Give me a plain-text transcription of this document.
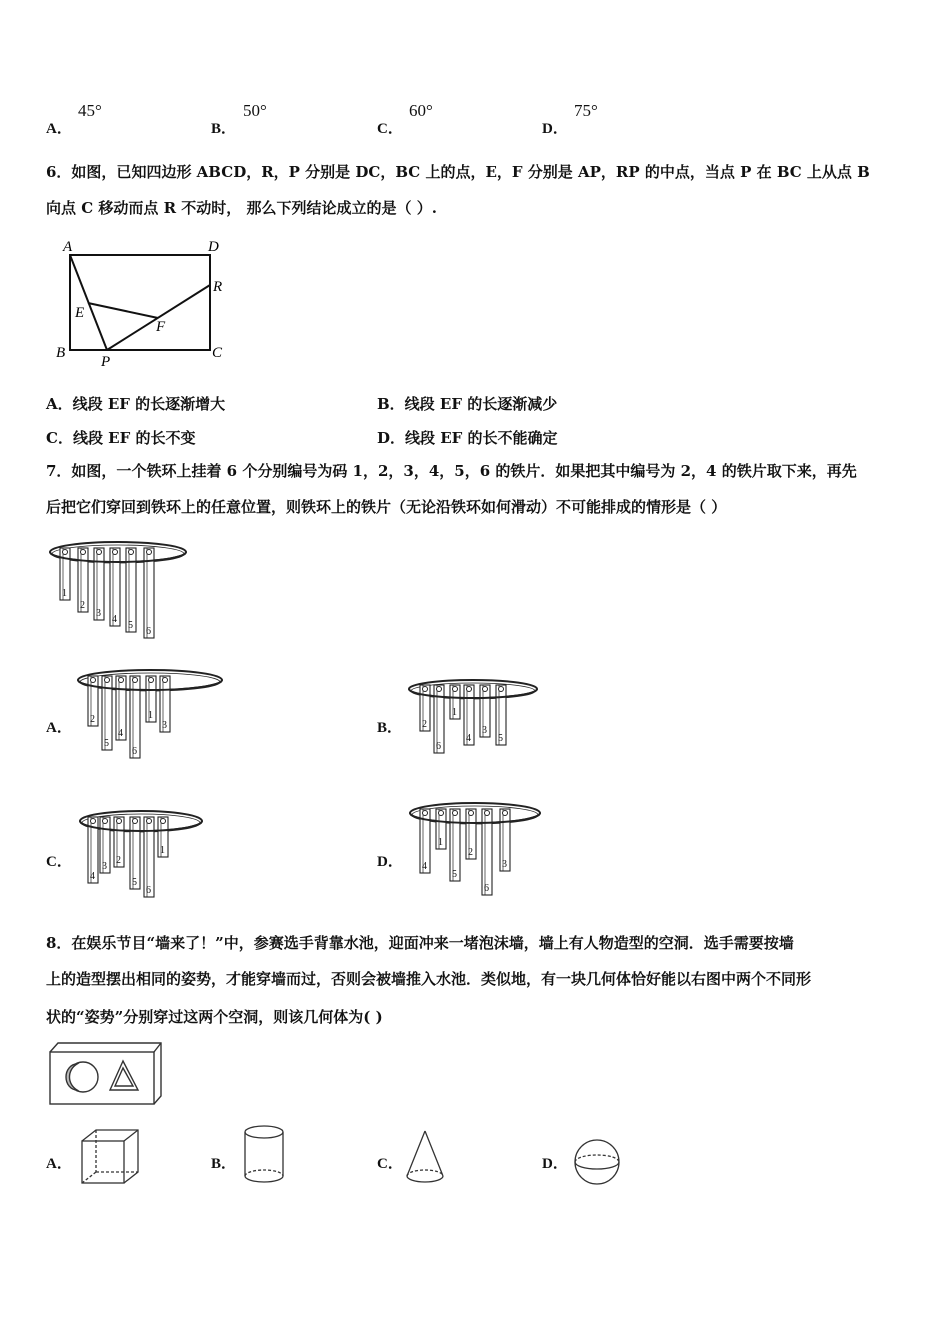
A．
45°
B．
50°
C．
60°
D．
75°
6．如图，已知四边形 ABCD，R，P 分别是 DC，BC 上的点，E，F 分别是 AP，RP 的中点，当点 P 在 BC 上从点 B
向点 C 移动而点 R 不动时， 那么下列结论成立的是（ ）.
A	D
R
E
F
B
P
C
A．线段 EF 的长逐渐增大	B．线段 EF 的长逐渐减少
C．线段 EF 的长不变	D．线段 EF 的长不能确定
7．如图，一个铁环上挂着 6 个分别编号为码 1，2，3，4，5，6 的铁片．如果把其中编号为 2，4 的铁片取下来，再先
后把它们穿回到铁环上的任意位置，则铁环上的铁片（无论沿铁环如何滑动）不可能排成的情形是（ ）
1
2
3
4
5
6
A．
2
5
4
6
1
3	B． 2
6
1
4
3
5
C．
4
3
2
5
6
1
D． 4
1
5
2
6
3
8．在娱乐节目“墙来了！”中，参赛选手背靠水池，迎面冲来一堵泡沫墙，墙上有人物造型的空洞．选手需要按墙
上的造型摆出相同的姿势，才能穿墙而过，否则会被墙推入水池．类似地，有一块几何体恰好能以右图中两个不同形
状的“姿势”分别穿过这两个空洞，则该几何体为( )
A．	B．	C．	D．
